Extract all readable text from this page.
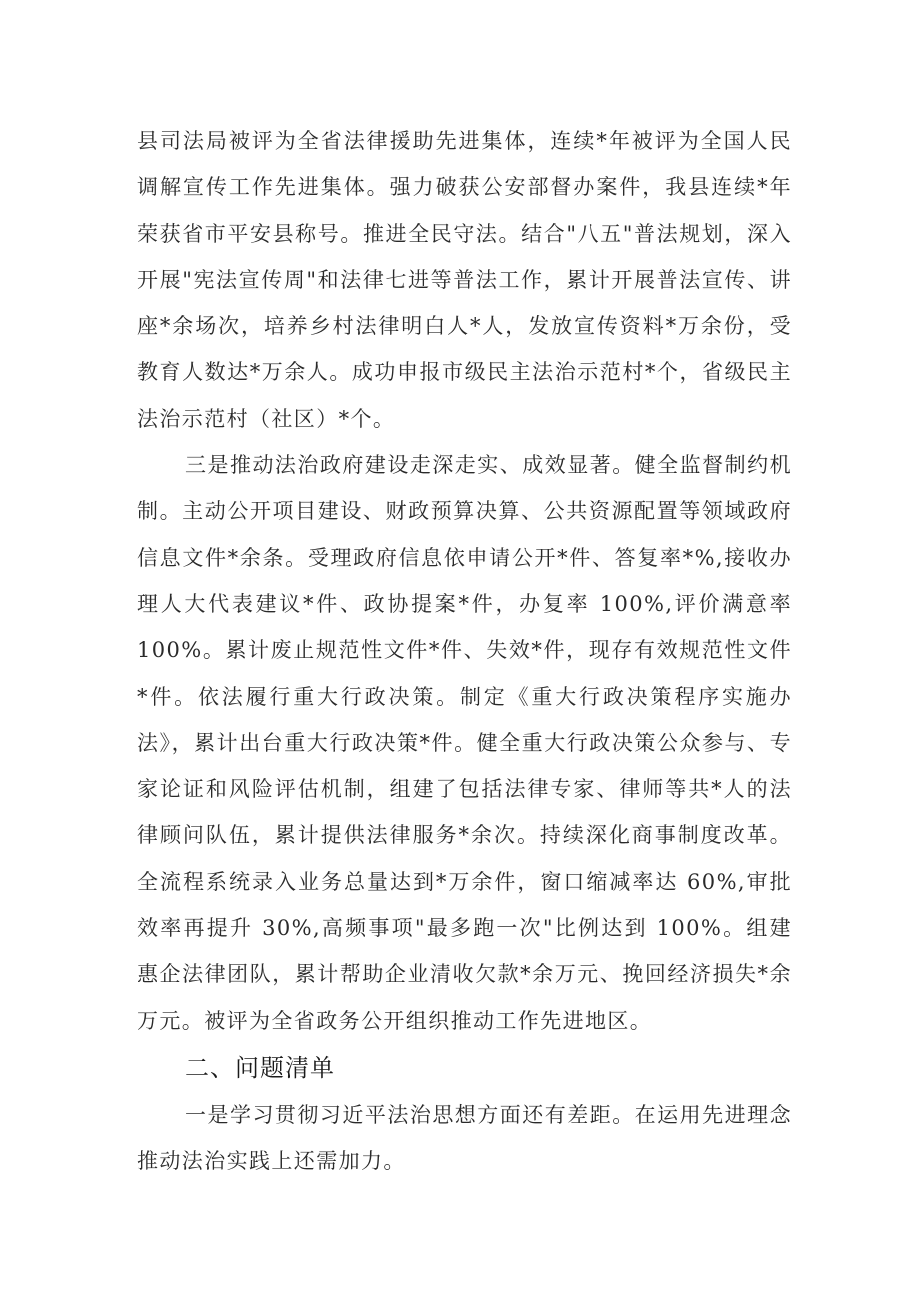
县司法局被评为全省法律援助先进集体，连续*年被评为全国人民调解宣传工作先进集体。强力破获公安部督办案件，我县连续*年荣获省市平安县称号。推进全民守法。结合"八五"普法规划，深入开展"宪法宣传周"和法律七进等普法工作，累计开展普法宣传、讲座*余场次，培养乡村法律明白人*人，发放宣传资料*万余份，受教育人数达*万余人。成功申报市级民主法治示范村*个，省级民主法治示范村（社区）*个。

三是推动法治政府建设走深走实、成效显著。健全监督制约机制。主动公开项目建设、财政预算决算、公共资源配置等领域政府信息文件*余条。受理政府信息依申请公开*件、答复率*%,接收办理人大代表建议*件、政协提案*件，办复率 100%,评价满意率 100%。累计废止规范性文件*件、失效*件，现存有效规范性文件*件。依法履行重大行政决策。制定《重大行政决策程序实施办法》，累计出台重大行政决策*件。健全重大行政决策公众参与、专家论证和风险评估机制，组建了包括法律专家、律师等共*人的法律顾问队伍，累计提供法律服务*余次。持续深化商事制度改革。全流程系统录入业务总量达到*万余件，窗口缩减率达 60%,审批效率再提升 30%,高频事项"最多跑一次"比例达到 100%。组建惠企法律团队，累计帮助企业清收欠款*余万元、挽回经济损失*余万元。被评为全省政务公开组织推动工作先进地区。

二、问题清单

一是学习贯彻习近平法治思想方面还有差距。在运用先进理念推动法治实践上还需加力。
